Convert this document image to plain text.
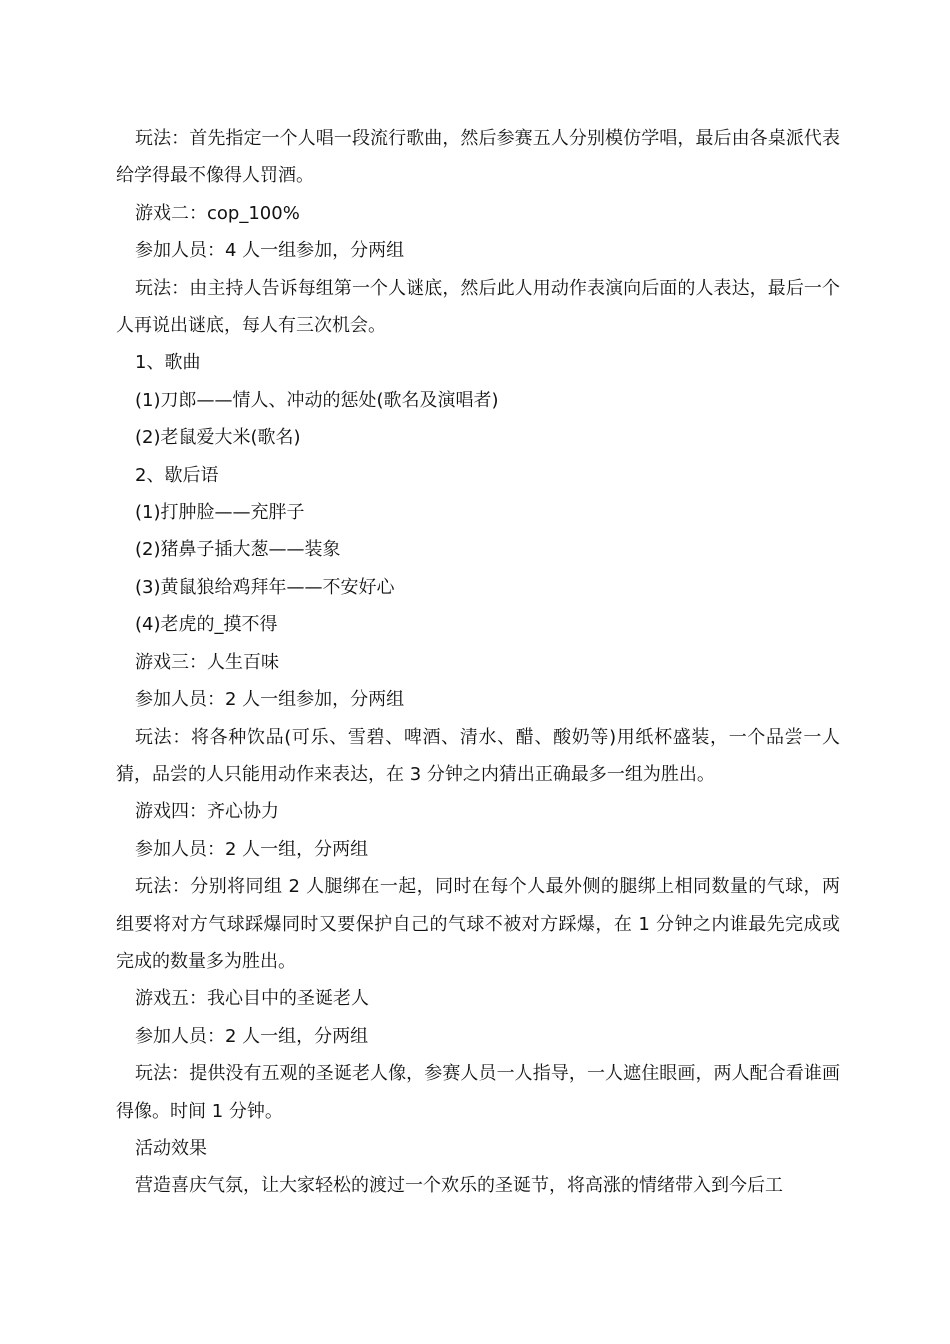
玩法：首先指定一个人唱一段流行歌曲，然后参赛五人分别模仿学唱，最后由各桌派代表给学得最不像得人罚酒。

游戏二：cop_100%

参加人员：4 人一组参加，分两组

玩法：由主持人告诉每组第一个人谜底，然后此人用动作表演向后面的人表达，最后一个人再说出谜底，每人有三次机会。

1、歌曲

(1)刀郎——情人、冲动的惩处(歌名及演唱者)

(2)老鼠爱大米(歌名)

2、歇后语

(1)打肿脸——充胖子

(2)猪鼻子插大葱——装象

(3)黄鼠狼给鸡拜年——不安好心

(4)老虎的_摸不得

游戏三：人生百味

参加人员：2 人一组参加，分两组

玩法：将各种饮品(可乐、雪碧、啤酒、清水、醋、酸奶等)用纸杯盛装，一个品尝一人猜，品尝的人只能用动作来表达，在 3 分钟之内猜出正确最多一组为胜出。

游戏四：齐心协力

参加人员：2 人一组，分两组

玩法：分别将同组 2 人腿绑在一起，同时在每个人最外侧的腿绑上相同数量的气球，两组要将对方气球踩爆同时又要保护自己的气球不被对方踩爆，在 1 分钟之内谁最先完成或完成的数量多为胜出。

游戏五：我心目中的圣诞老人

参加人员：2 人一组，分两组

玩法：提供没有五观的圣诞老人像，参赛人员一人指导，一人遮住眼画，两人配合看谁画得像。时间 1 分钟。

活动效果

营造喜庆气氛，让大家轻松的渡过一个欢乐的圣诞节，将高涨的情绪带入到今后工
